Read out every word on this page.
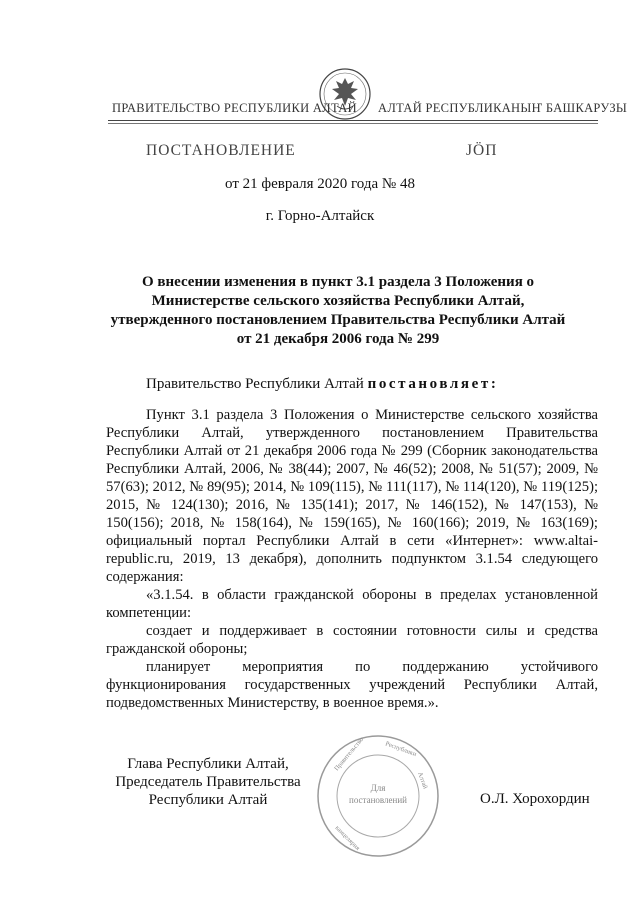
ПРАВИТЕЛЬСТВО РЕСПУБЛИКИ АЛТАЙ АЛТАЙ РЕСПУБЛИКАНЫҤ БАШКАРУЗЫ
ПОСТАНОВЛЕНИЕ	JӦП
от 21 февраля 2020 года № 48
г. Горно-Алтайск
О внесении изменения в пункт 3.1 раздела 3 Положения о
Министерстве сельского хозяйства Республики Алтай,
утвержденного постановлением Правительства Республики Алтай
от 21 декабря 2006 года № 299
Правительство Республики Алтай постановляет:

Пункт 3.1 раздела 3 Положения о Министерстве сельского хозяйства Республики Алтай, утвержденного постановлением Правительства Республики Алтай от 21 декабря 2006 года № 299 (Сборник законодательства Республики Алтай, 2006, № 38(44); 2007, № 46(52); 2008, № 51(57); 2009, № 57(63); 2012, № 89(95); 2014, № 109(115), № 111(117), № 114(120), № 119(125); 2015, № 124(130); 2016, № 135(141); 2017, № 146(152), № 147(153), № 150(156); 2018, № 158(164), № 159(165), № 160(166); 2019, № 163(169); официальный портал Республики Алтай в сети «Интернет»: www.altai-republic.ru, 2019, 13 декабря), дополнить подпунктом 3.1.54 следующего содержания:

«3.1.54. в области гражданской обороны в пределах установленной компетенции:

создает и поддерживает в состоянии готовности силы и средства гражданской обороны;

планирует мероприятия по поддержанию устойчивого функционирования государственных учреждений Республики Алтай, подведомственных Министерству, в военное время.».

Правительство	Республики
Алтай
канцелярия
Для
постановлений
Глава Республики Алтай,
Председатель Правительства
Республики Алтай	О.Л. Хорохордин
